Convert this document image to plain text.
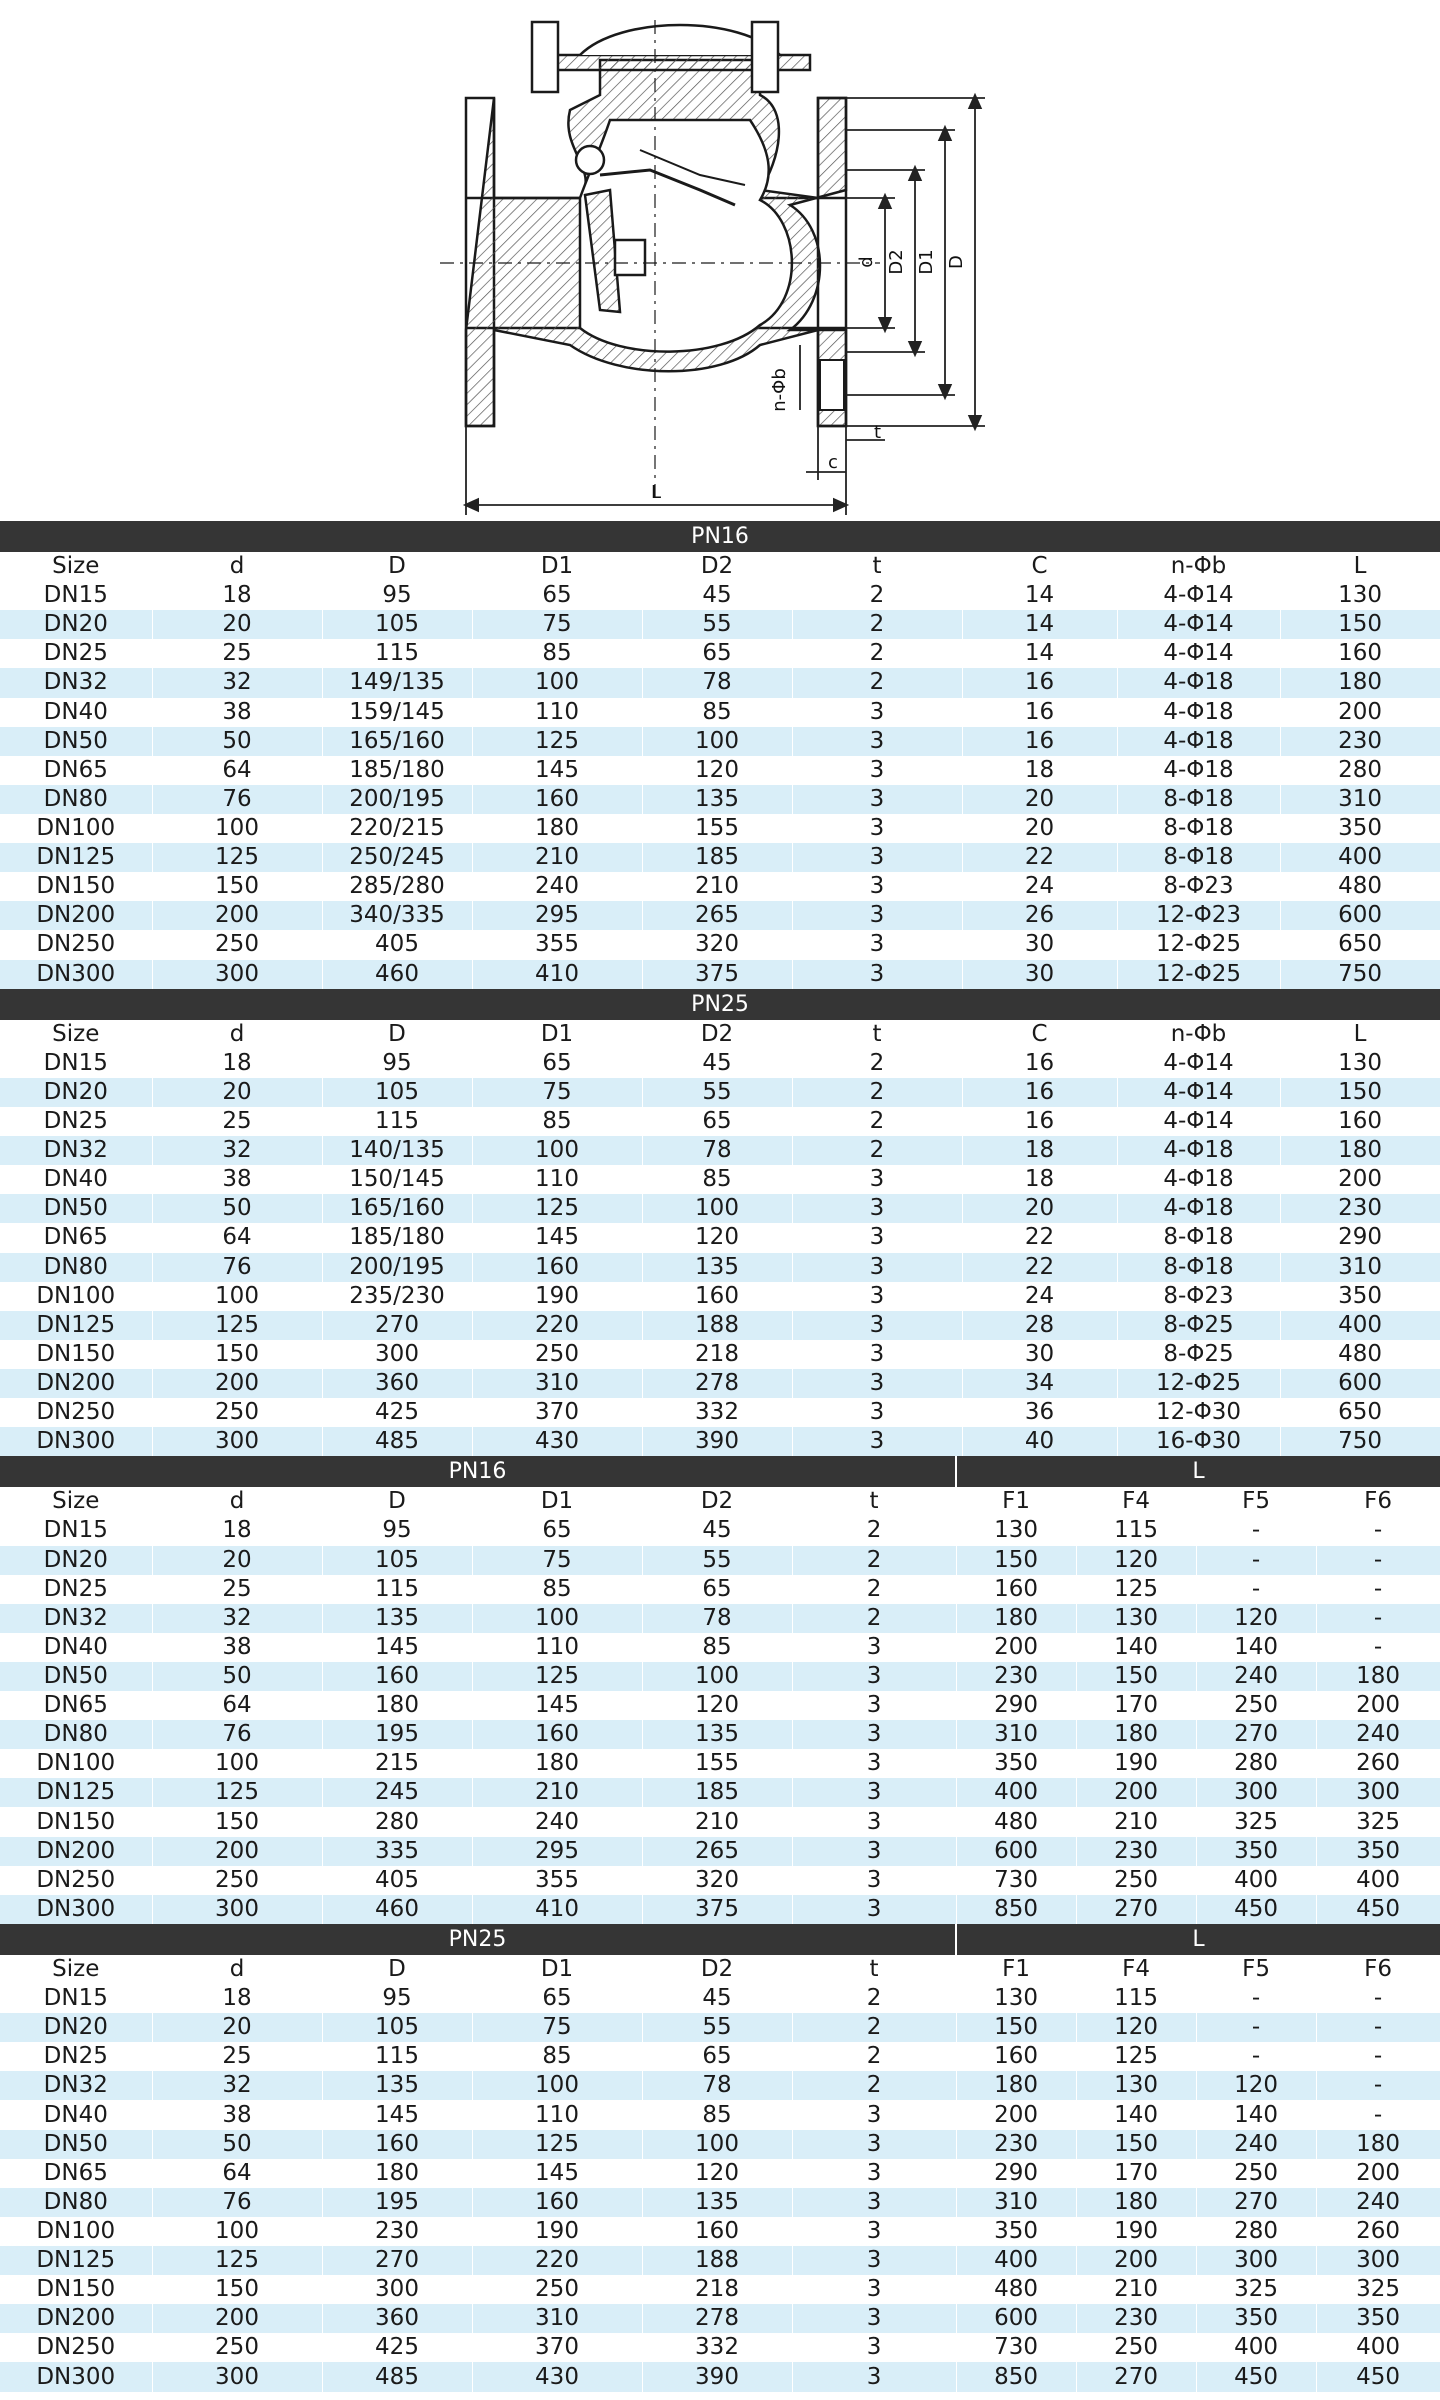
D
D1
D2
d
n-Φb
t
c
L
PN16								
Size	d	D	D1	D2	t	C	n-Φb	L
DN15	18	95	65	45	2	14	4-Φ14	130
DN20	20	105	75	55	2	14	4-Φ14	150
DN25	25	115	85	65	2	14	4-Φ14	160
DN32	32	149/135	100	78	2	16	4-Φ18	180
DN40	38	159/145	110	85	3	16	4-Φ18	200
DN50	50	165/160	125	100	3	16	4-Φ18	230
DN65	64	185/180	145	120	3	18	4-Φ18	280
DN80	76	200/195	160	135	3	20	8-Φ18	310
DN100	100	220/215	180	155	3	20	8-Φ18	350
DN125	125	250/245	210	185	3	22	8-Φ18	400
DN150	150	285/280	240	210	3	24	8-Φ23	480
DN200	200	340/335	295	265	3	26	12-Φ23	600
DN250	250	405	355	320	3	30	12-Φ25	650
DN300	300	460	410	375	3	30	12-Φ25	750
PN25								
Size	d	D	D1	D2	t	C	n-Φb	L
DN15	18	95	65	45	2	16	4-Φ14	130
DN20	20	105	75	55	2	16	4-Φ14	150
DN25	25	115	85	65	2	16	4-Φ14	160
DN32	32	140/135	100	78	2	18	4-Φ18	180
DN40	38	150/145	110	85	3	18	4-Φ18	200
DN50	50	165/160	125	100	3	20	4-Φ18	230
DN65	64	185/180	145	120	3	22	8-Φ18	290
DN80	76	200/195	160	135	3	22	8-Φ18	310
DN100	100	235/230	190	160	3	24	8-Φ23	350
DN125	125	270	220	188	3	28	8-Φ25	400
DN150	150	300	250	218	3	30	8-Φ25	480
DN200	200	360	310	278	3	34	12-Φ25	600
DN250	250	425	370	332	3	36	12-Φ30	650
DN300	300	485	430	390	3	40	16-Φ30	750
PN16						L			
Size	d	D	D1	D2	t	F1	F4	F5	F6
DN15	18	95	65	45	2	130	115	-	-
DN20	20	105	75	55	2	150	120	-	-
DN25	25	115	85	65	2	160	125	-	-
DN32	32	135	100	78	2	180	130	120	-
DN40	38	145	110	85	3	200	140	140	-
DN50	50	160	125	100	3	230	150	240	180
DN65	64	180	145	120	3	290	170	250	200
DN80	76	195	160	135	3	310	180	270	240
DN100	100	215	180	155	3	350	190	280	260
DN125	125	245	210	185	3	400	200	300	300
DN150	150	280	240	210	3	480	210	325	325
DN200	200	335	295	265	3	600	230	350	350
DN250	250	405	355	320	3	730	250	400	400
DN300	300	460	410	375	3	850	270	450	450
PN25						L			
Size	d	D	D1	D2	t	F1	F4	F5	F6
DN15	18	95	65	45	2	130	115	-	-
DN20	20	105	75	55	2	150	120	-	-
DN25	25	115	85	65	2	160	125	-	-
DN32	32	135	100	78	2	180	130	120	-
DN40	38	145	110	85	3	200	140	140	-
DN50	50	160	125	100	3	230	150	240	180
DN65	64	180	145	120	3	290	170	250	200
DN80	76	195	160	135	3	310	180	270	240
DN100	100	230	190	160	3	350	190	280	260
DN125	125	270	220	188	3	400	200	300	300
DN150	150	300	250	218	3	480	210	325	325
DN200	200	360	310	278	3	600	230	350	350
DN250	250	425	370	332	3	730	250	400	400
DN300	300	485	430	390	3	850	270	450	450
